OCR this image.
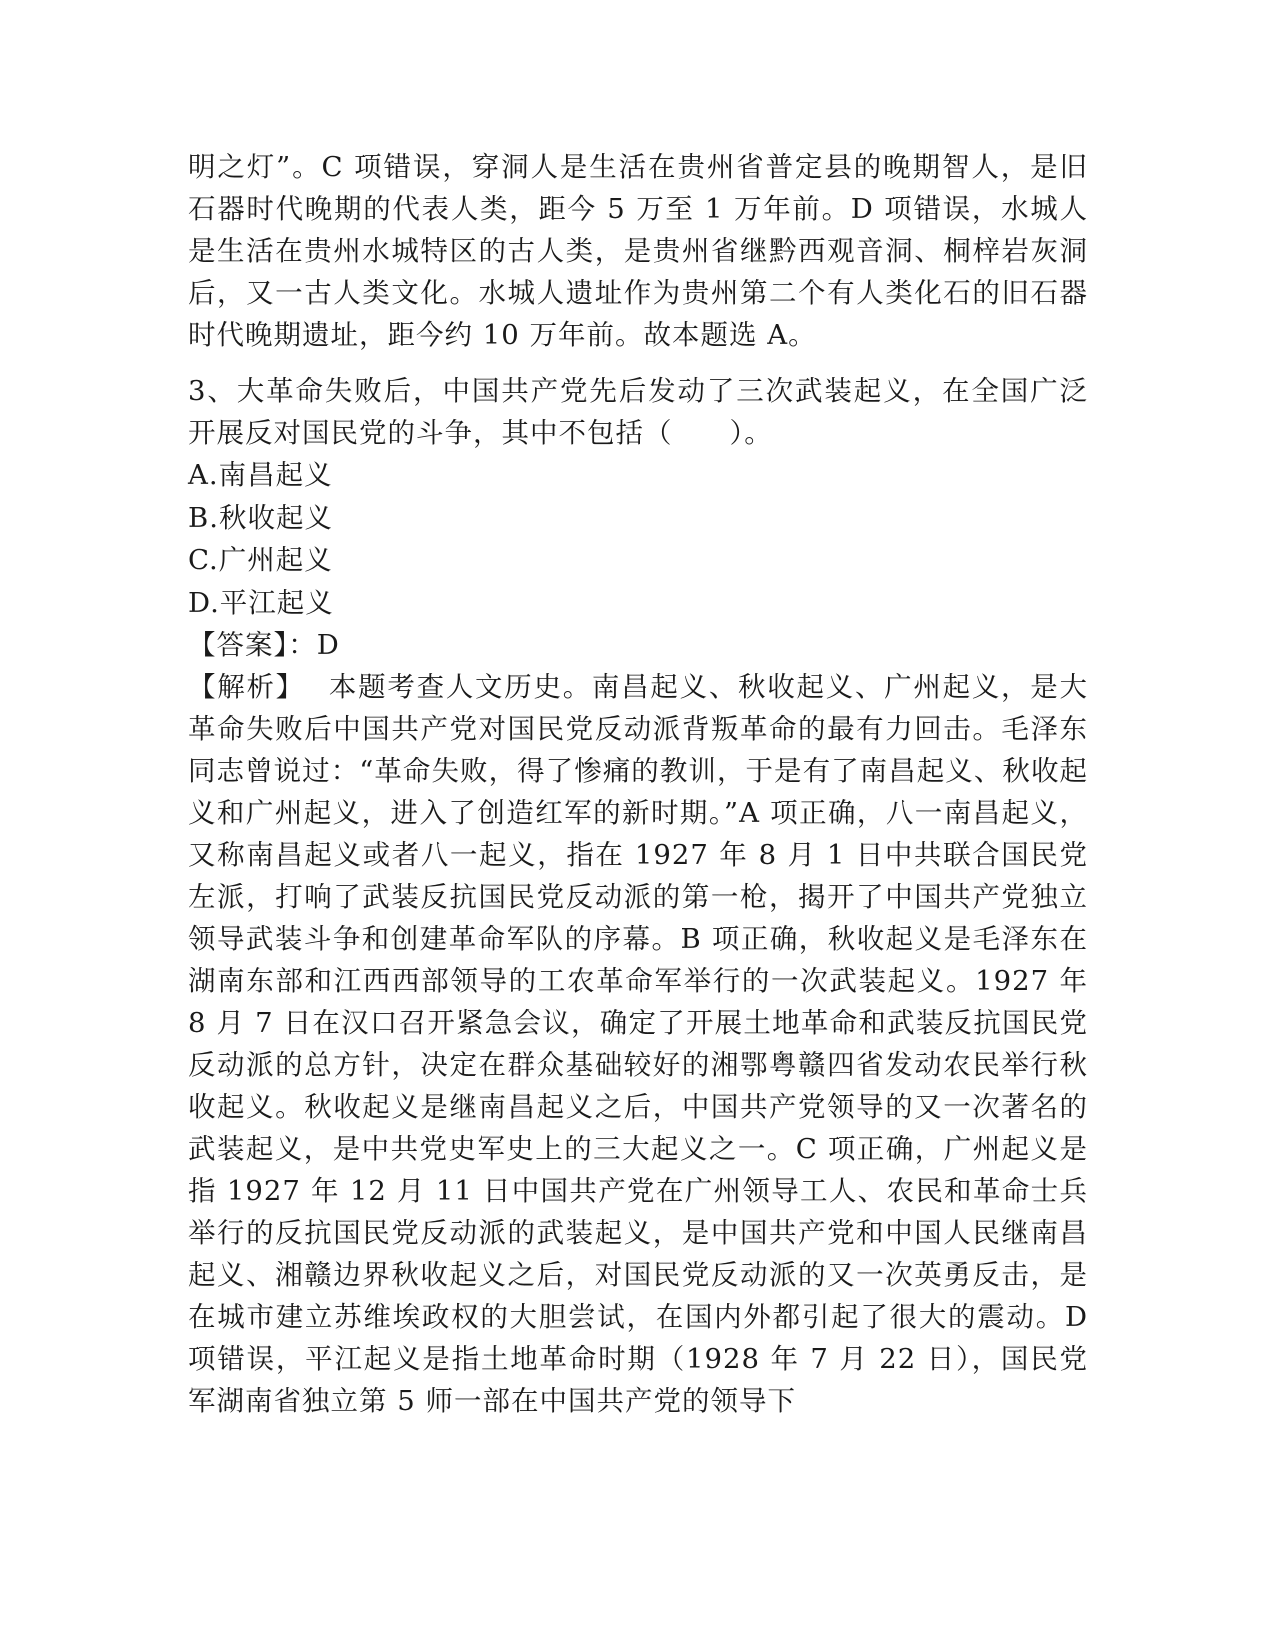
明之灯”。C 项错误，穿洞人是生活在贵州省普定县的晚期智人，是旧石器时代晚期的代表人类，距今 5 万至 1 万年前。D 项错误，水城人是生活在贵州水城特区的古人类，是贵州省继黔西观音洞、桐梓岩灰洞后，又一古人类文化。水城人遗址作为贵州第二个有人类化石的旧石器时代晚期遗址，距今约 10 万年前。故本题选 A。

3、大革命失败后，中国共产党先后发动了三次武装起义，在全国广泛开展反对国民党的斗争，其中不包括（　　）。

A.南昌起义

B.秋收起义

C.广州起义

D.平江起义

【答案】：D

【解析】 本题考查人文历史。南昌起义、秋收起义、广州起义，是大革命失败后中国共产党对国民党反动派背叛革命的最有力回击。毛泽东同志曾说过：“革命失败，得了惨痛的教训，于是有了南昌起义、秋收起义和广州起义，进入了创造红军的新时期。”A 项正确，八一南昌起义，又称南昌起义或者八一起义，指在 1927 年 8 月 1 日中共联合国民党左派，打响了武装反抗国民党反动派的第一枪，揭开了中国共产党独立领导武装斗争和创建革命军队的序幕。B 项正确，秋收起义是毛泽东在湖南东部和江西西部领导的工农革命军举行的一次武装起义。1927 年 8 月 7 日在汉口召开紧急会议，确定了开展土地革命和武装反抗国民党反动派的总方针，决定在群众基础较好的湘鄂粤赣四省发动农民举行秋收起义。秋收起义是继南昌起义之后，中国共产党领导的又一次著名的武装起义，是中共党史军史上的三大起义之一。C 项正确，广州起义是指 1927 年 12 月 11 日中国共产党在广州领导工人、农民和革命士兵举行的反抗国民党反动派的武装起义，是中国共产党和中国人民继南昌起义、湘赣边界秋收起义之后，对国民党反动派的又一次英勇反击，是在城市建立苏维埃政权的大胆尝试，在国内外都引起了很大的震动。D 项错误，平江起义是指土地革命时期（1928 年 7 月 22 日），国民党军湖南省独立第 5 师一部在中国共产党的领导下
